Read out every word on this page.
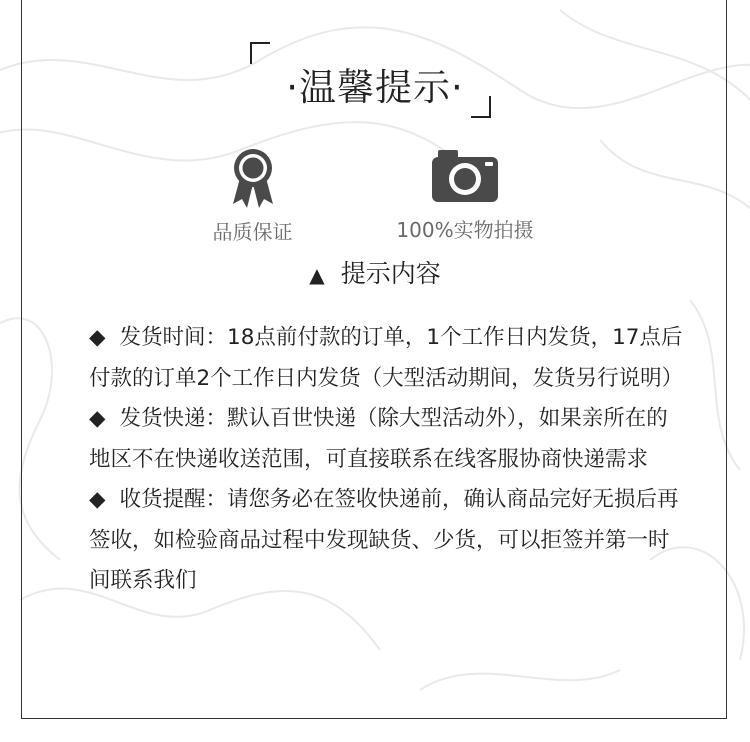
·温馨提示·
品质保证	100%实物拍摄
▲ 提示内容

◆ 发货时间：18点前付款的订单，1个工作日内发货，17点后付款的订单2个工作日内发货（大型活动期间，发货另行说明）

◆ 发货快递：默认百世快递（除大型活动外），如果亲所在的地区不在快递收送范围，可直接联系在线客服协商快递需求

◆ 收货提醒：请您务必在签收快递前，确认商品完好无损后再签收，如检验商品过程中发现缺货、少货，可以拒签并第一时间联系我们
